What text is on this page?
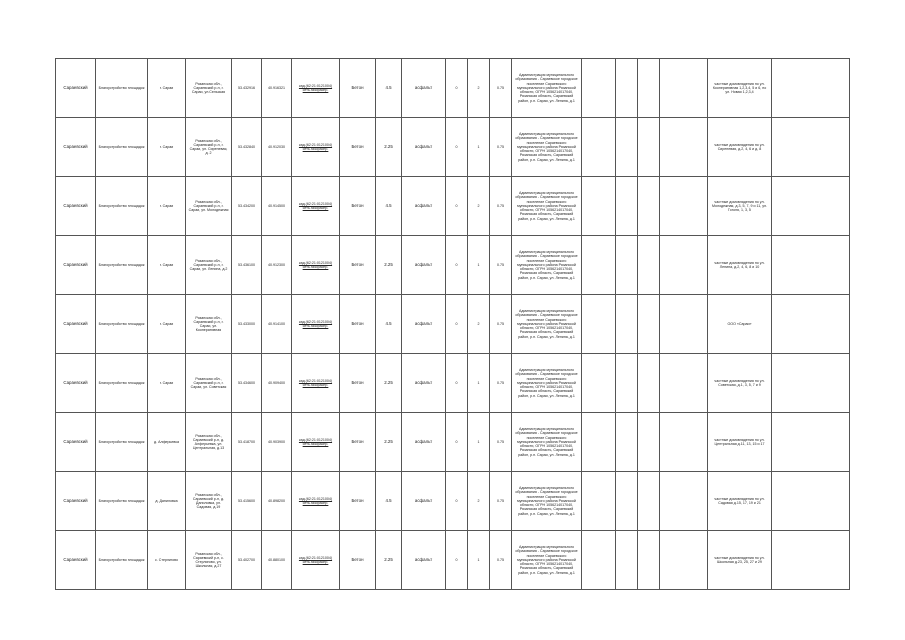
Сараевский	Благоустройство площадок	г. Сараи	Рязанская обл., Сараевский р-н, г. Сараи, ул.Сельская	53.432916	40.916321	кад.(62:21:0121004) сеть.газораспр.	Бетон	4.5	асфальт	0	2	0.75	Администрация муниципального образования - Сараевское городское поселение Сараевского муниципального района Рязанской области, ОГРН 1056214017040, Рязанская область, Сараевский район, р.п. Сараи, ул. Ленина, д.1					частные домовладения по ул. Кооперативная 1,2,3,4, 5 и 6, по ул. Новая 1,2,3,4	
Сараевский	Благоустройство площадок	г. Сараи	Рязанская обл., Сараевский р-н, г. Сараи, ул. Сиреневая, д. 2	53.432840	40.912030	кад.(62:21:0121004) сеть.газораспр.	Бетон	2.25	асфальт	0	1	0.75	Администрация муниципального образования - Сараевское городское поселение Сараевского муниципального района Рязанской области, ОГРН 1056214017040, Рязанская область, Сараевский район, р.п. Сараи, ул. Ленина, д.1					частные домовладения по ул. Сиреневая, д.2, 4, 6 и д. 8	
Сараевский	Благоустройство площадок	г. Сараи	Рязанская обл., Сараевский р-н, г. Сараи, ул. Молодежная	53.434200	40.914500	кад.(62:21:0121004) сеть.газораспр.	Бетон	4.5	асфальт	0	2	0.75	Администрация муниципального образования - Сараевское городское поселение Сараевского муниципального района Рязанской области, ОГРН 1056214017040, Рязанская область, Сараевский район, р.п. Сараи, ул. Ленина, д.1					частные домовладения по ул. Молодежная, д.3, 5, 7, 9 и 11, ул. Гоголя, 1, 3, 5	
Сараевский	Благоустройство площадок	г. Сараи	Рязанская обл., Сараевский р-н, г. Сараи, ул. Ленина, д.2	53.436100	40.912300	кад.(62:21:0121004) сеть.газораспр.	Бетон	2.25	асфальт	0	1	0.75	Администрация муниципального образования - Сараевское городское поселение Сараевского муниципального района Рязанской области, ОГРН 1056214017040, Рязанская область, Сараевский район, р.п. Сараи, ул. Ленина, д.1					частные домовладения по ул. Ленина, д.2, 4, 6, 8 и 10	
Сараевский	Благоустройство площадок	г. Сараи	Рязанская обл., Сараевский р-н, г. Сараи, ул. Кооперативная	53.433000	40.914100	кад.(62:21:0121004) сеть.газораспр.	Бетон	4.5	асфальт	0	2	0.75	Администрация муниципального образования - Сараевское городское поселение Сараевского муниципального района Рязанской области, ОГРН 1056214017040, Рязанская область, Сараевский район, р.п. Сараи, ул. Ленина, д.1					ООО «Сараи»	
Сараевский	Благоустройство площадок	г. Сараи	Рязанская обл., Сараевский р-н, г. Сараи, ул. Советская	53.434600	40.909400	кад.(62:21:0121004) сеть.газораспр.	Бетон	2.25	асфальт	0	1	0.75	Администрация муниципального образования - Сараевское городское поселение Сараевского муниципального района Рязанской области, ОГРН 1056214017040, Рязанская область, Сараевский район, р.п. Сараи, ул. Ленина, д.1					частные домовладения по ул. Советская, д.1, 3, 5, 7 и 9	
Сараевский	Благоустройство площадок	д. Алферьевка	Рязанская обл., Сараевский р-н, д. Алферьевка, ул. Центральная, д.13	53.418700	40.903900	кад.(62:21:0121004) сеть.газораспр.	Бетон	2.25	асфальт	0	1	0.75	Администрация муниципального образования - Сараевское городское поселение Сараевского муниципального района Рязанской области, ОГРН 1056214017040, Рязанская область, Сараевский район, р.п. Сараи, ул. Ленина, д.1					частные домовладения по ул. Центральная д.11, 13, 15 и 17	
Сараевский	Благоустройство площадок	д. Даниловка	Рязанская обл., Сараевский р-н, д. Даниловка, ул. Садовая, д.19	53.415600	40.898200	кад.(62:21:0121004) сеть.газораспр.	Бетон	4.5	асфальт	0	2	0.75	Администрация муниципального образования - Сараевское городское поселение Сараевского муниципального района Рязанской области, ОГРН 1056214017040, Рязанская область, Сараевский район, р.п. Сараи, ул. Ленина, д.1					частные домовладения по ул. Садовая д.15, 17, 19 и 21	
Сараевский	Благоустройство площадок	с. Стерлигово	Рязанская обл., Сараевский р-н, с. Стерлигово, ул. Школьная, д.27	53.402700	40.880100	кад.(62:21:0121004) сеть.газораспр.	Бетон	2.25	асфальт	0	1	0.75	Администрация муниципального образования - Сараевское городское поселение Сараевского муниципального района Рязанской области, ОГРН 1056214017040, Рязанская область, Сараевский район, р.п. Сараи, ул. Ленина, д.1					частные домовладения по ул. Школьная д.23, 25, 27 и 29	
